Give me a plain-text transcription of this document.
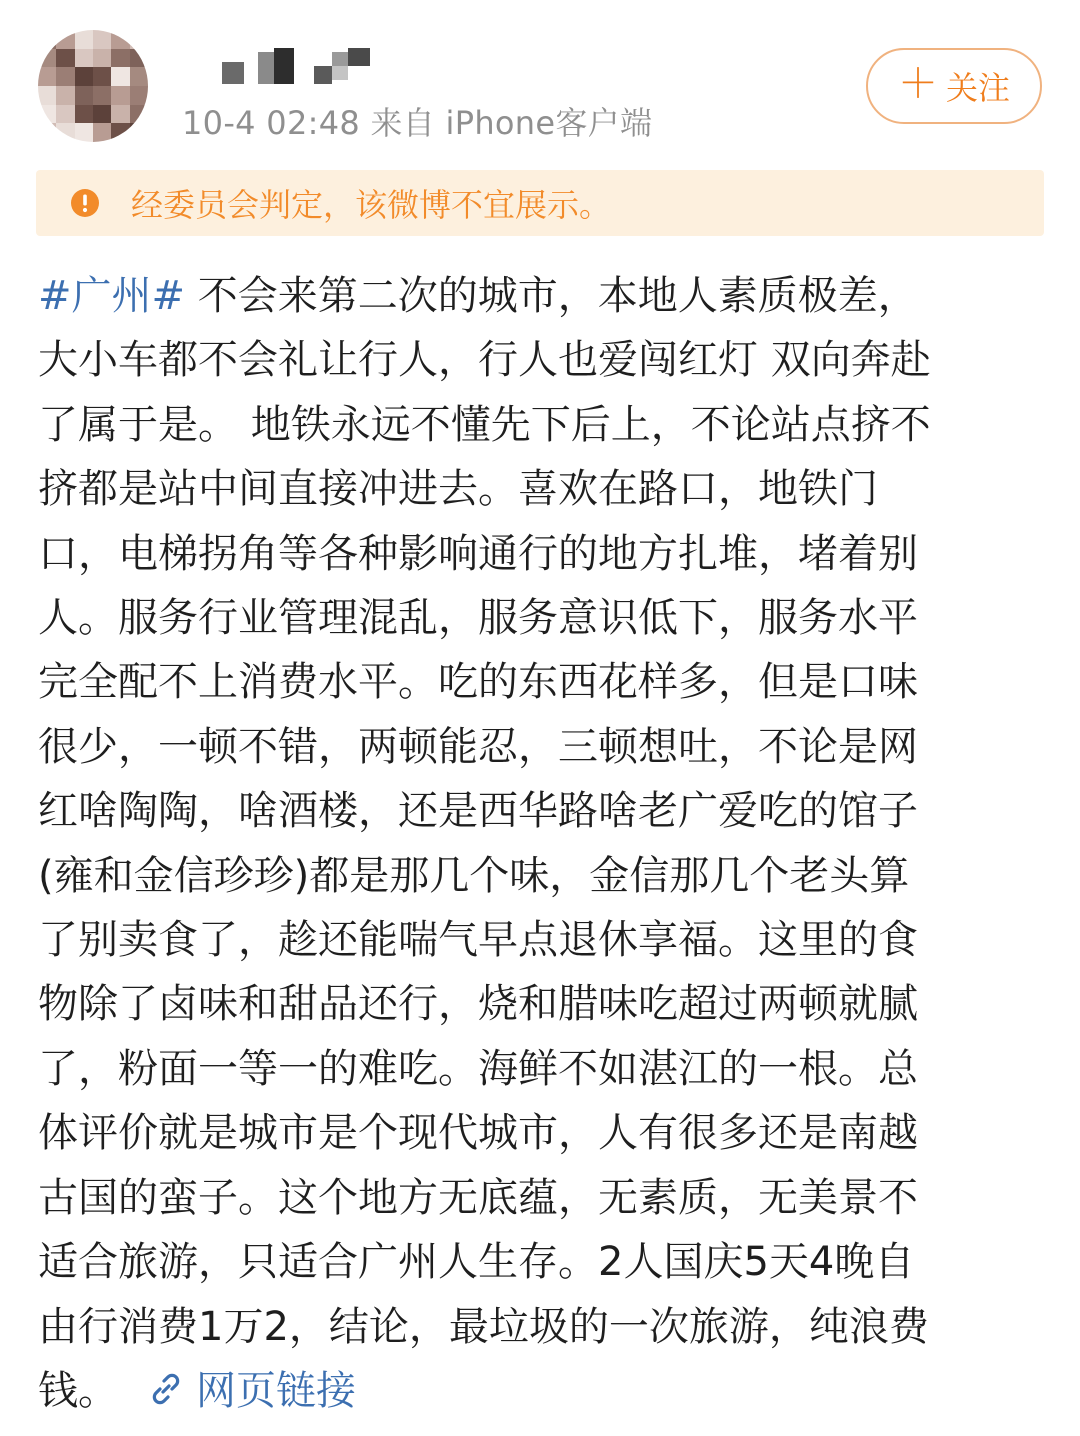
10-4 02:48 来自 iPhone客户端
＋ 关注
经委员会判定，该微博不宜展示。
#广州# 不会来第二次的城市，本地人素质极差，
大小车都不会礼让行人，行人也爱闯红灯 双向奔赴
了属于是。 地铁永远不懂先下后上，不论站点挤不
挤都是站中间直接冲进去。喜欢在路口，地铁门
口，电梯拐角等各种影响通行的地方扎堆，堵着别
人。服务行业管理混乱，服务意识低下，服务水平
完全配不上消费水平。吃的东西花样多，但是口味
很少，一顿不错，两顿能忍，三顿想吐，不论是网
红啥陶陶，啥酒楼，还是西华路啥老广爱吃的馆子
(雍和金信珍珍)都是那几个味，金信那几个老头算
了别卖食了，趁还能喘气早点退休享福。这里的食
物除了卤味和甜品还行，烧和腊味吃超过两顿就腻
了，粉面一等一的难吃。海鲜不如湛江的一根。总
体评价就是城市是个现代城市，人有很多还是南越
古国的蛮子。这个地方无底蕴，无素质，无美景不
适合旅游，只适合广州人生存。2人国庆5天4晚自
由行消费1万2，结论，最垃圾的一次旅游，纯浪费
钱。 网页链接
